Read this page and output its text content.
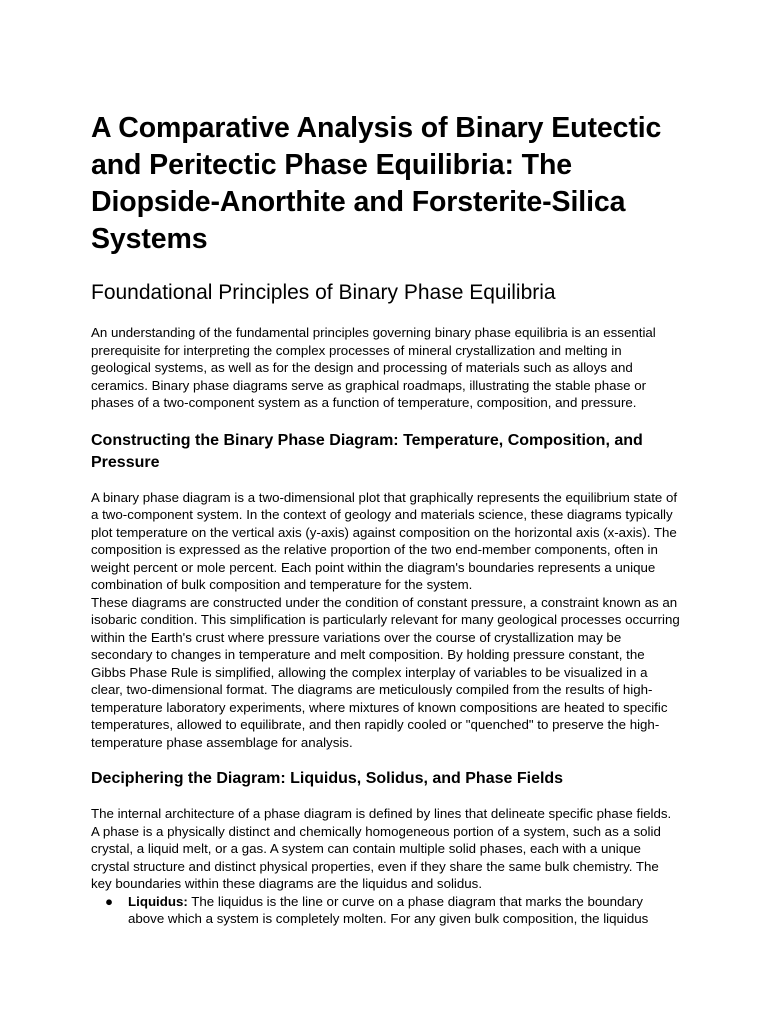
A Comparative Analysis of Binary Eutectic and Peritectic Phase Equilibria: The Diopside-Anorthite and Forsterite-Silica Systems
Foundational Principles of Binary Phase Equilibria

An understanding of the fundamental principles governing binary phase equilibria is an essential prerequisite for interpreting the complex processes of mineral crystallization and melting in geological systems, as well as for the design and processing of materials such as alloys and ceramics. Binary phase diagrams serve as graphical roadmaps, illustrating the stable phase or phases of a two-component system as a function of temperature, composition, and pressure.

Constructing the Binary Phase Diagram: Temperature, Composition, and Pressure

A binary phase diagram is a two-dimensional plot that graphically represents the equilibrium state of a two-component system. In the context of geology and materials science, these diagrams typically plot temperature on the vertical axis (y-axis) against composition on the horizontal axis (x-axis). The composition is expressed as the relative proportion of the two end-member components, often in weight percent or mole percent. Each point within the diagram's boundaries represents a unique combination of bulk composition and temperature for the system.

These diagrams are constructed under the condition of constant pressure, a constraint known as an isobaric condition. This simplification is particularly relevant for many geological processes occurring within the Earth's crust where pressure variations over the course of crystallization may be secondary to changes in temperature and melt composition. By holding pressure constant, the Gibbs Phase Rule is simplified, allowing the complex interplay of variables to be visualized in a clear, two-dimensional format. The diagrams are meticulously compiled from the results of high-temperature laboratory experiments, where mixtures of known compositions are heated to specific temperatures, allowed to equilibrate, and then rapidly cooled or "quenched" to preserve the high-temperature phase assemblage for analysis.

Deciphering the Diagram: Liquidus, Solidus, and Phase Fields

The internal architecture of a phase diagram is defined by lines that delineate specific phase fields. A phase is a physically distinct and chemically homogeneous portion of a system, such as a solid crystal, a liquid melt, or a gas. A system can contain multiple solid phases, each with a unique crystal structure and distinct physical properties, even if they share the same bulk chemistry. The key boundaries within these diagrams are the liquidus and solidus.

● Liquidus: The liquidus is the line or curve on a phase diagram that marks the boundary above which a system is completely molten. For any given bulk composition, the liquidus
